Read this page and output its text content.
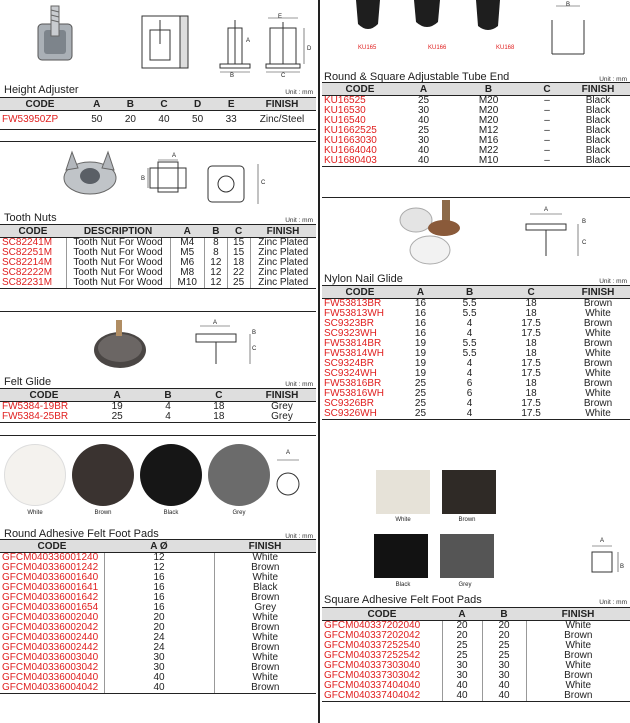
E
A
D
B	C
Height Adjuster	Unit : mm
CODE	A	B	C	D	E	FINISH
FW53950ZP	50	20	40	50	33	Zinc/Steel
A
B
C
Tooth Nuts	Unit : mm
CODE	DESCRIPTION	A	B	C	FINISH
SC82241M	Tooth Nut For Wood	M4	8	15	Zinc Plated
SC82251M	Tooth Nut For Wood	M5	8	15	Zinc Plated
SC82214M	Tooth Nut For Wood	M6	12	18	Zinc Plated
SC82222M	Tooth Nut For Wood	M8	12	22	Zinc Plated
SC82231M	Tooth Nut For Wood	M10	12	25	Zinc Plated
A
B
C
Felt Glide	Unit : mm
CODE	A	B	C	FINISH
FW5384-19BR	19	4	18	Grey
FW5384-25BR	25	4	18	Grey
White	Brown	Black	Grey
A
Round Adhesive Felt Foot Pads	Unit : mm
CODE	A Ø	FINISH
GFCM040336001240	12	White
GFCM040336001242	12	Brown
GFCM040336001640	16	White
GFCM040336001641	16	Black
GFCM040336001642	16	Brown
GFCM040336001654	16	Grey
GFCM040336002040	20	White
GFCM040336002042	20	Brown
GFCM040336002440	24	White
GFCM040336002442	24	Brown
GFCM040336003040	30	White
GFCM040336003042	30	Brown
GFCM040336004040	40	White
GFCM040336004042	40	Brown
KU165	KU166	KU168
B
Round & Square Adjustable Tube End	Unit : mm
CODE	A	B	C	FINISH
KU16525	25	M20	–	Black
KU16530	30	M20	–	Black
KU16540	40	M20	–	Black
KU1662525	25	M12	–	Black
KU1663030	30	M16	–	Black
KU1664040	40	M22	–	Black
KU1680403	40	M10	–	Black
A
B
C
Nylon Nail Glide	Unit : mm
CODE	A	B	C	FINISH
FW53813BR	16	5.5	18	Brown
FW53813WH	16	5.5	18	White
SC9323BR	16	4	17.5	Brown
SC9323WH	16	4	17.5	White
FW53814BR	19	5.5	18	Brown
FW53814WH	19	5.5	18	White
SC9324BR	19	4	17.5	Brown
SC9324WH	19	4	17.5	White
FW53816BR	25	6	18	Brown
FW53816WH	25	6	18	White
SC9326BR	25	4	17.5	Brown
SC9326WH	25	4	17.5	White
White	Brown
Black	Grey
A
B
Square Adhesive Felt Foot Pads	Unit : mm
CODE	A	B	FINISH
GFCM040337202040	20	20	White
GFCM040337202042	20	20	Brown
GFCM040337252540	25	25	White
GFCM040337252542	25	25	Brown
GFCM040337303040	30	30	White
GFCM040337303042	30	30	Brown
GFCM040337404040	40	40	White
GFCM040337404042	40	40	Brown
